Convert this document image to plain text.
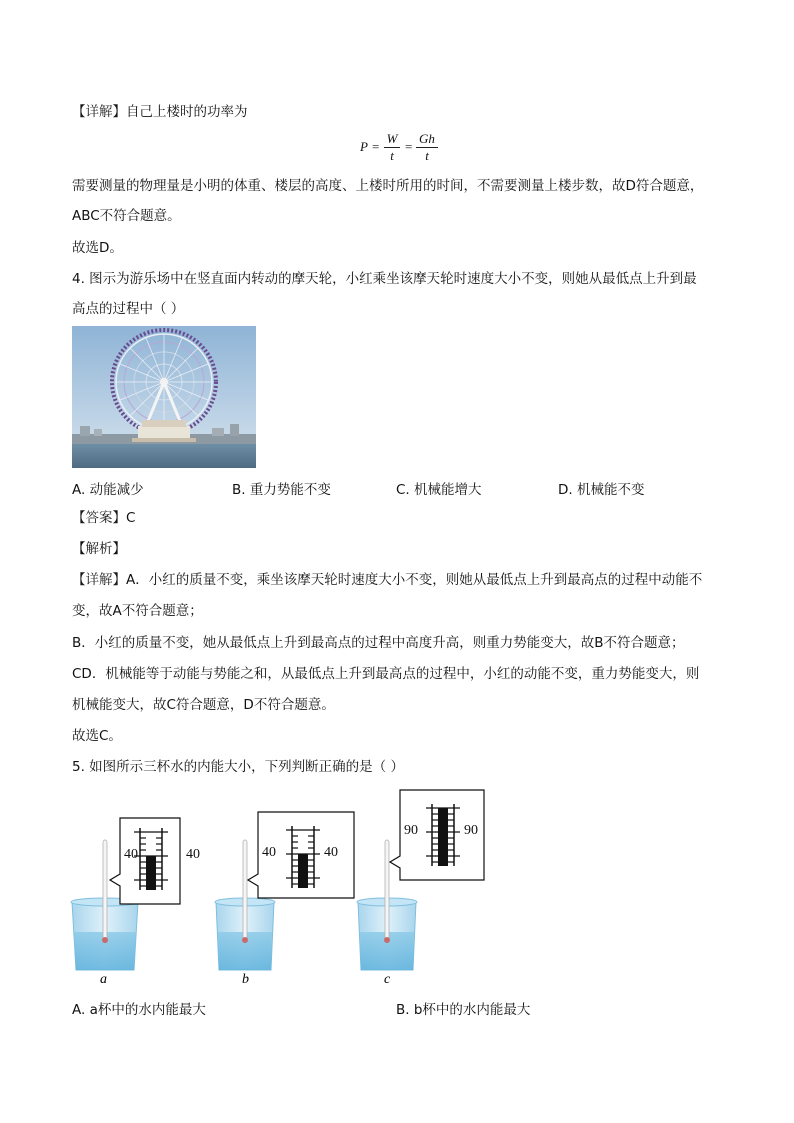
【详解】自己上楼时的功率为
P =
W
t
=
Gh
t
需要测量的物理量是小明的体重、楼层的高度、上楼时所用的时间，不需要测量上楼步数，故D符合题意，
ABC不符合题意。
故选D。
4. 图示为游乐场中在竖直面内转动的摩天轮，小红乘坐该摩天轮时速度大小不变，则她从最低点上升到最
高点的过程中（ ）
A. 动能减少	B. 重力势能不变	C. 机械能增大	D. 机械能不变
【答案】C
【解析】
【详解】A．小红的质量不变，乘坐该摩天轮时速度大小不变，则她从最低点上升到最高点的过程中动能不
变，故A不符合题意；
B．小红的质量不变，她从最低点上升到最高点的过程中高度升高，则重力势能变大，故B不符合题意；
CD．机械能等于动能与势能之和，从最低点上升到最高点的过程中，小红的动能不变，重力势能变大，则
机械能变大，故C符合题意，D不符合题意。
故选C。
5. 如图所示三杯水的内能大小，下列判断正确的是（ ）
40	40
a
40	40
b
90	90
c
A. a杯中的水内能最大	B. b杯中的水内能最大
